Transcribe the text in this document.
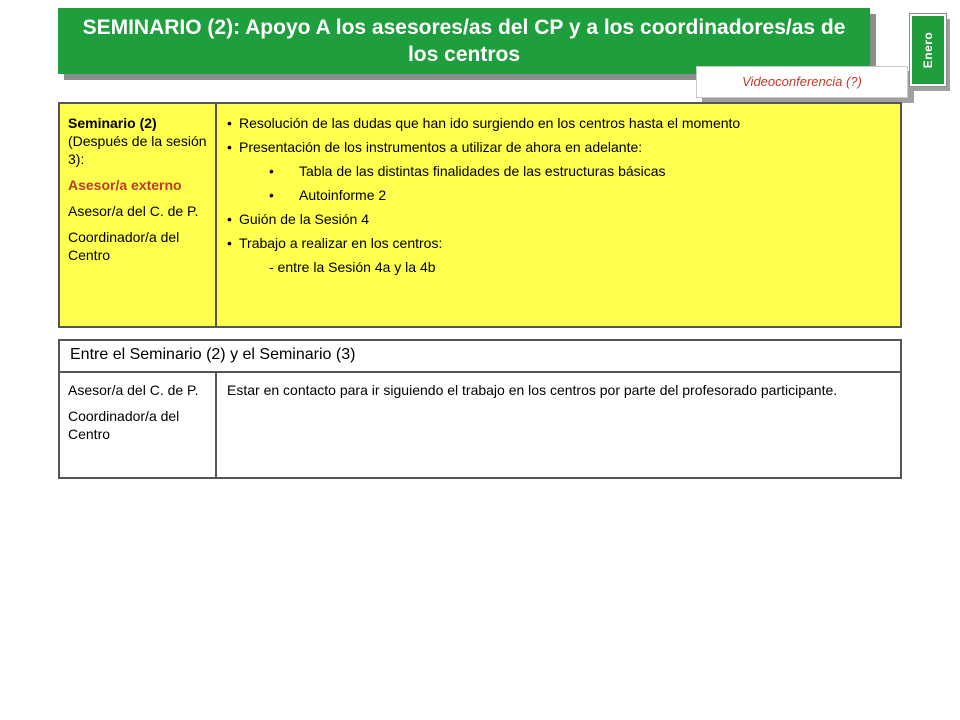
SEMINARIO (2): Apoyo A los asesores/as del CP y a los coordinadores/as de los centros
Videoconferencia (?)
Enero
Seminario (2)
(Después de la sesión 3):
Asesor/a externo
Asesor/a del C. de P.
Coordinador/a del Centro
• Resolución de las dudas que han ido surgiendo en los centros hasta el momento
• Presentación de los instrumentos a utilizar de ahora en adelante:
•	Tabla de las distintas finalidades de las estructuras básicas
•	Autoinforme 2
• Guión de la Sesión 4
• Trabajo a realizar en los centros:
- entre la Sesión 4a y la 4b
Entre el Seminario (2) y el Seminario (3)
Asesor/a del C. de P.
Coordinador/a del Centro
Estar en contacto para ir siguiendo el trabajo en los centros por parte del profesorado participante.
